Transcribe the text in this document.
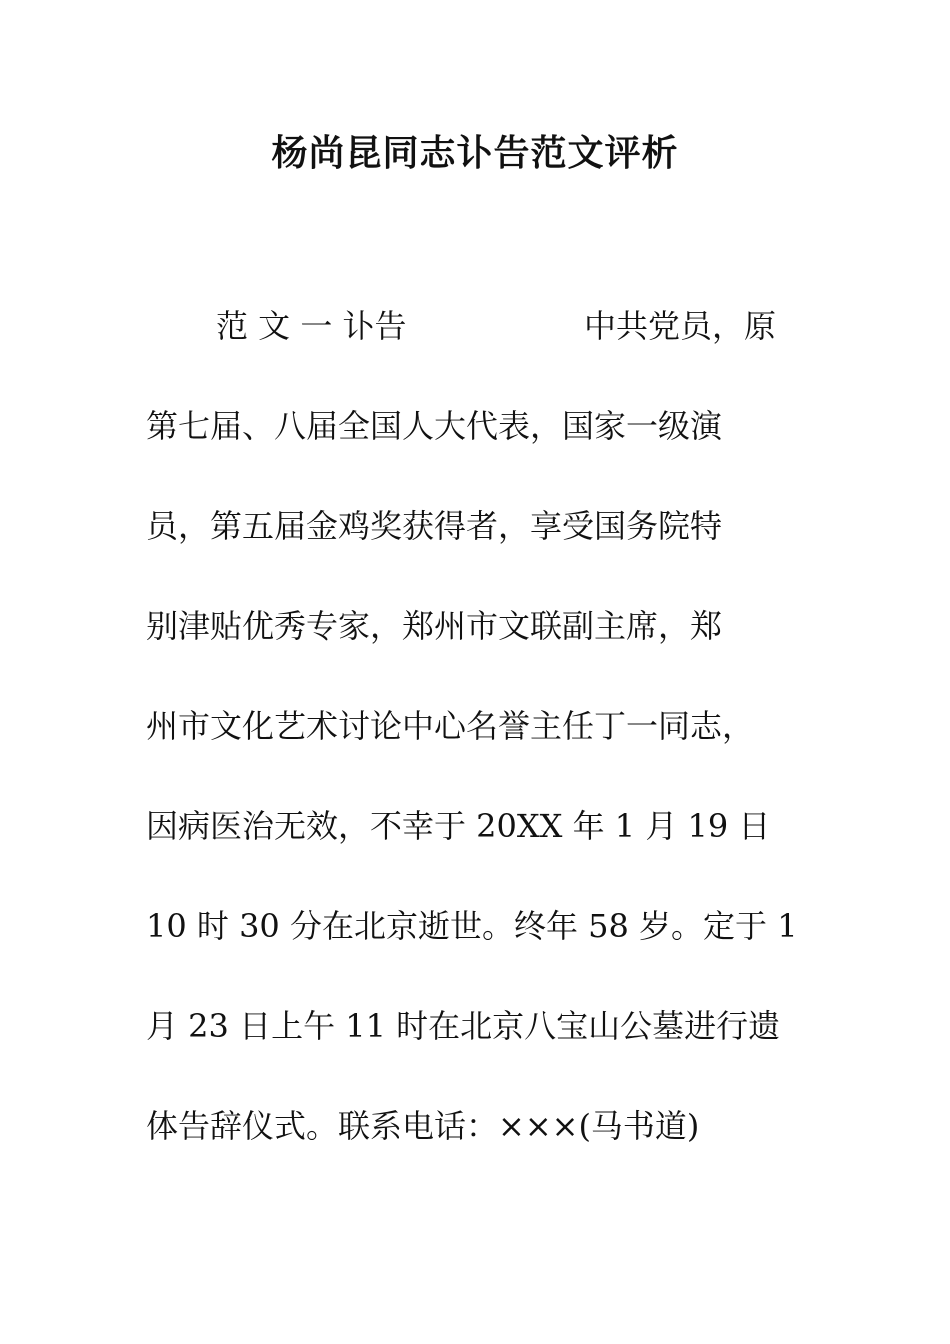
杨尚昆同志讣告范文评析
范 文 一 讣告	中共党员，原
第七届、八届全国人大代表，国家一级演
员，第五届金鸡奖获得者，享受国务院特
别津贴优秀专家，郑州市文联副主席，郑
州市文化艺术讨论中心名誉主任丁一同志，
因病医治无效，不幸于 20XX 年 1 月 19 日
10 时 30 分在北京逝世。终年 58 岁。定于 1
月 23 日上午 11 时在北京八宝山公墓进行遗
体告辞仪式。联系电话：×××(马书道)
